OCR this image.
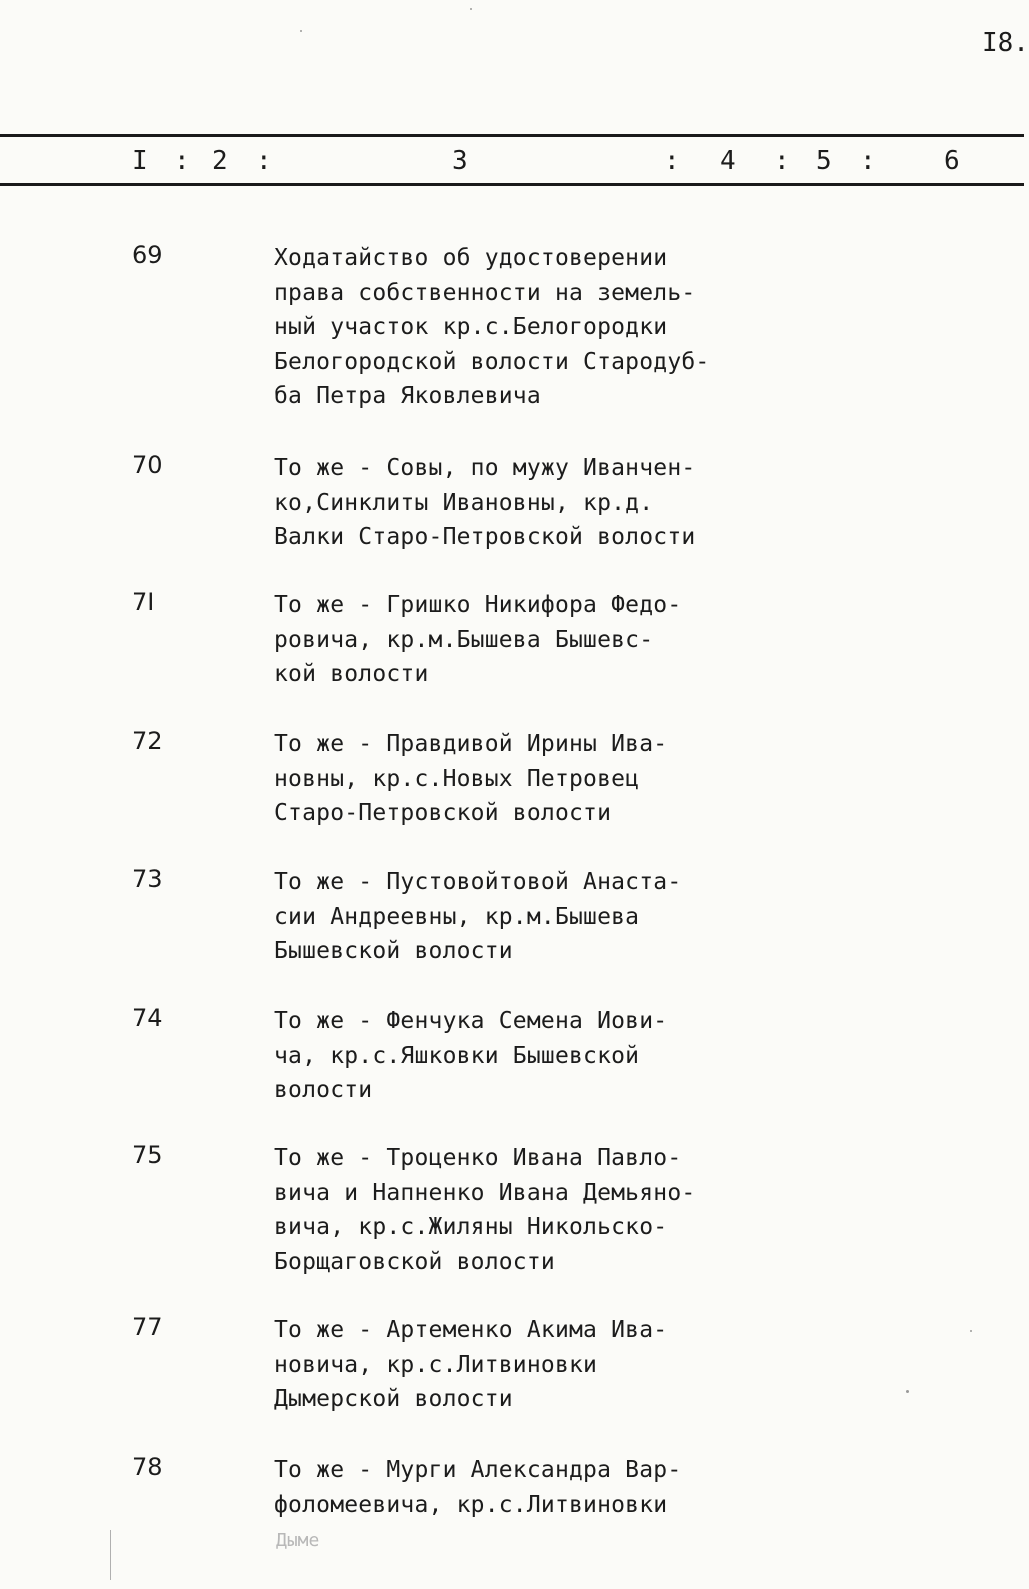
I8.
I : 2 :	3	: 4 : 5 :	6
69	Ходатайство об удостоверении
права собственности на земель-
ный участок кр.с.Белогородки
Белогородской волости Стародуб-
ба Петра Яковлевича
70	То же - Совы, по мужу Иванчен-
ко,Синклиты Ивановны, кр.д.
Валки Старо-Петровской волости
7I	То же - Гришко Никифора Федо-
ровича, кр.м.Бышева Бышевс-
кой волости
72	То же - Правдивой Ирины Ива-
новны, кр.с.Новых Петровец
Старо-Петровской волости
73	То же - Пустовойтовой Анаста-
сии Андреевны, кр.м.Бышева
Бышевской волости
74	То же - Фенчука Семена Иови-
ча, кр.с.Яшковки Бышевской
волости
75	То же - Троценко Ивана Павло-
вича и Напненко Ивана Демьяно-
вича, кр.с.Жиляны Никольско-
Борщаговской волости
77	То же - Артеменко Акима Ива-
новича, кр.с.Литвиновки
Дымерской волости
78	То же - Мурги Александра Вар-
фоломеевича, кр.с.Литвиновки
Дыме
